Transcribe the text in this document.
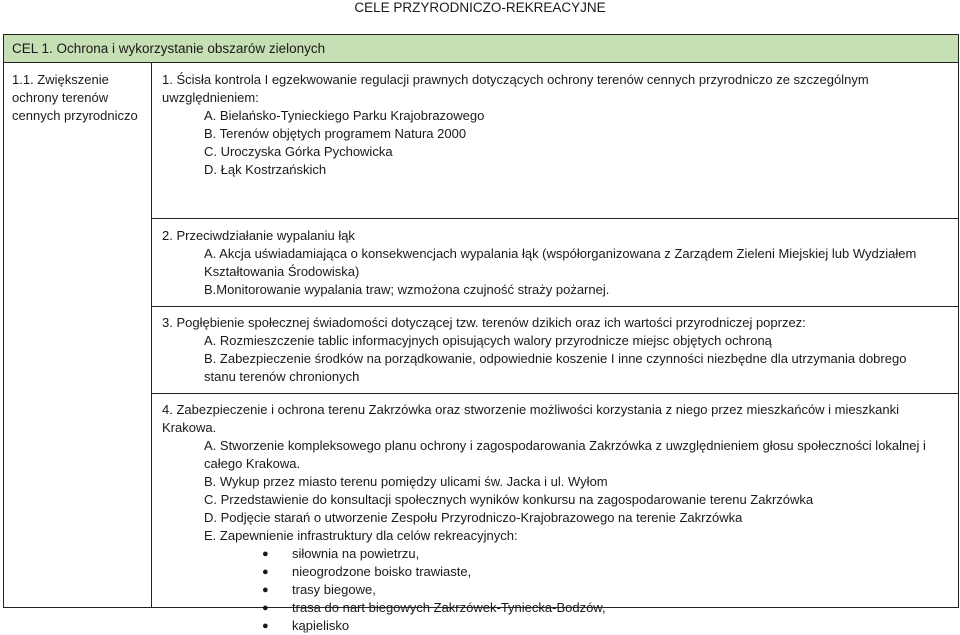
CELE PRZYRODNICZO-REKREACYJNE
CEL 1. Ochrona i wykorzystanie obszarów zielonych
1.1. Zwiększenie ochrony terenów cennych przyrodniczo
1. Ścisła kontrola I egzekwowanie regulacji prawnych dotyczących ochrony terenów cennych przyrodniczo ze szczególnym
uwzględnieniem:
A. Bielańsko-Tynieckiego Parku Krajobrazowego
B. Terenów objętych programem Natura 2000
C. Uroczyska Górka Pychowicka
D. Łąk Kostrzańskich
2. Przeciwdziałanie wypalaniu łąk
A. Akcja uświadamiająca o konsekwencjach wypalania łąk (współorganizowana z Zarządem Zieleni Miejskiej lub Wydziałem
Kształtowania Środowiska)
B.Monitorowanie wypalania traw; wzmożona czujność straży pożarnej.
3. Pogłębienie społecznej świadomości dotyczącej tzw. terenów dzikich oraz ich wartości przyrodniczej poprzez:
A. Rozmieszczenie tablic informacyjnych opisujących walory przyrodnicze miejsc objętych ochroną
B. Zabezpieczenie środków na porządkowanie, odpowiednie koszenie I inne czynności niezbędne dla utrzymania dobrego
stanu terenów chronionych
4. Zabezpieczenie i ochrona terenu Zakrzówka oraz stworzenie możliwości korzystania z niego przez mieszkańców i mieszkanki
Krakowa.
A. Stworzenie kompleksowego planu ochrony i zagospodarowania Zakrzówka z uwzględnieniem głosu społeczności lokalnej i
całego Krakowa.
B. Wykup przez miasto terenu pomiędzy ulicami św. Jacka i ul. Wyłom
C. Przedstawienie do konsultacji społecznych wyników konkursu na zagospodarowanie terenu Zakrzówka
D. Podjęcie starań o utworzenie Zespołu Przyrodniczo-Krajobrazowego na terenie Zakrzówka
E. Zapewnienie infrastruktury dla celów rekreacyjnych:
● siłownia na powietrzu,
● nieogrodzone boisko trawiaste,
● trasy biegowe,
● trasa do nart biegowych Zakrzówek-Tyniecka-Bodzów,
● kąpielisko
